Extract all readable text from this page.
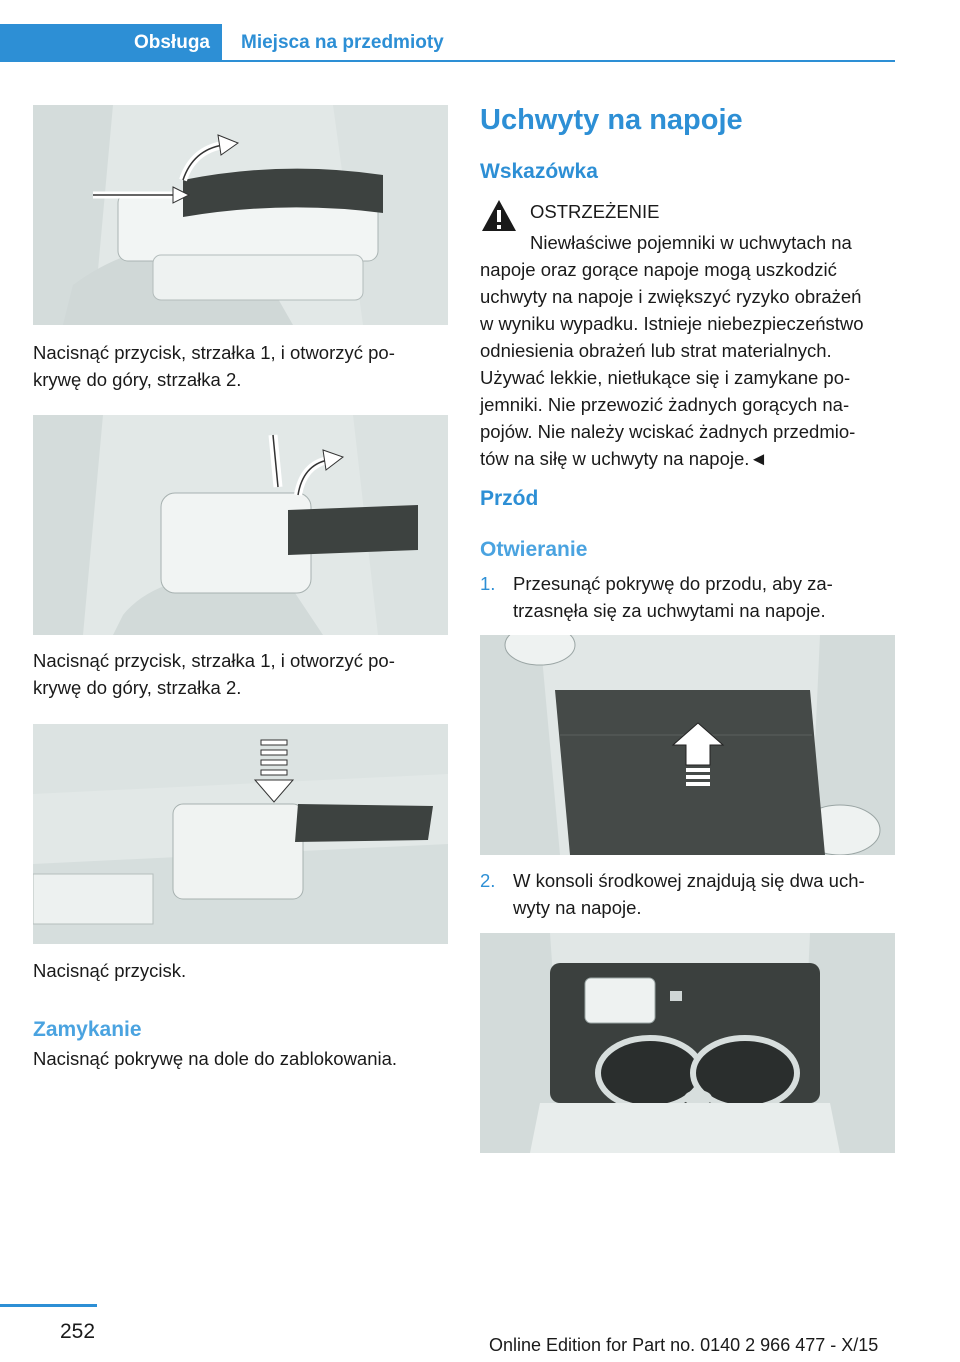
Obsługa	Miejsca na przedmioty
Nacisnąć przycisk, strzałka 1, i otworzyć po-
krywę do góry, strzałka 2.
Nacisnąć przycisk, strzałka 1, i otworzyć po-
krywę do góry, strzałka 2.
Nacisnąć przycisk.
Zamykanie
Nacisnąć pokrywę na dole do zablokowania.
Uchwyty na napoje
Wskazówka
OSTRZEŻENIE
Niewłaściwe pojemniki w uchwytach na
napoje oraz gorące napoje mogą uszkodzić
uchwyty na napoje i zwiększyć ryzyko obrażeń
w wyniku wypadku. Istnieje niebezpieczeństwo
odniesienia obrażeń lub strat materialnych.
Używać lekkie, nietłukące się i zamykane po-
jemniki. Nie przewozić żadnych gorących na-
pojów. Nie należy wciskać żadnych przedmio-
tów na siłę w uchwyty na napoje.◄
Przód
Otwieranie
1. Przesunąć pokrywę do przodu, aby za-
trzasnęła się za uchwytami na napoje.
2. W konsoli środkowej znajdują się dwa uch-
wyty na napoje.
252
Online Edition for Part no. 0140 2 966 477 - X/15
